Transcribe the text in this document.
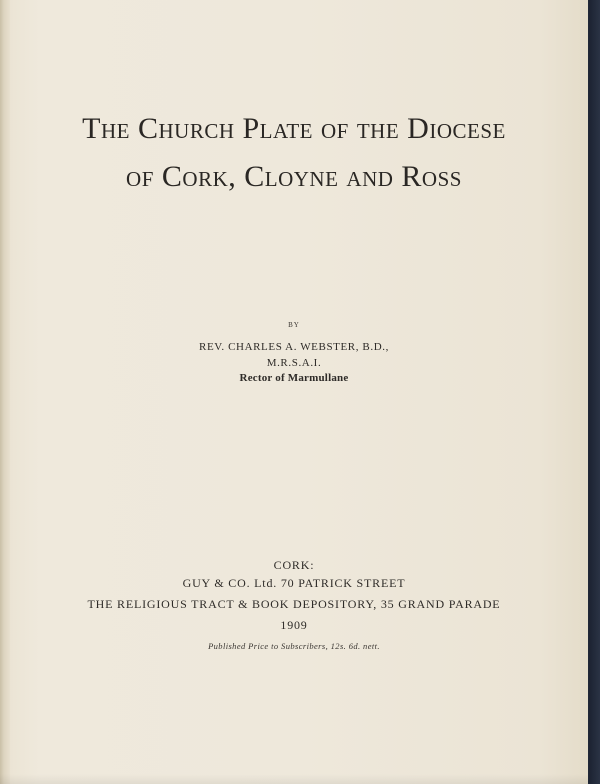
The Church Plate of the Diocese
of Cork, Cloyne and Ross
BY
REV. CHARLES A. WEBSTER, B.D.,
M.R.S.A.I.
Rector of Marmullane
CORK:
GUY & CO. Ltd. 70 PATRICK STREET
THE RELIGIOUS TRACT & BOOK DEPOSITORY, 35 GRAND PARADE
1909
Published Price to Subscribers, 12s. 6d. nett.
